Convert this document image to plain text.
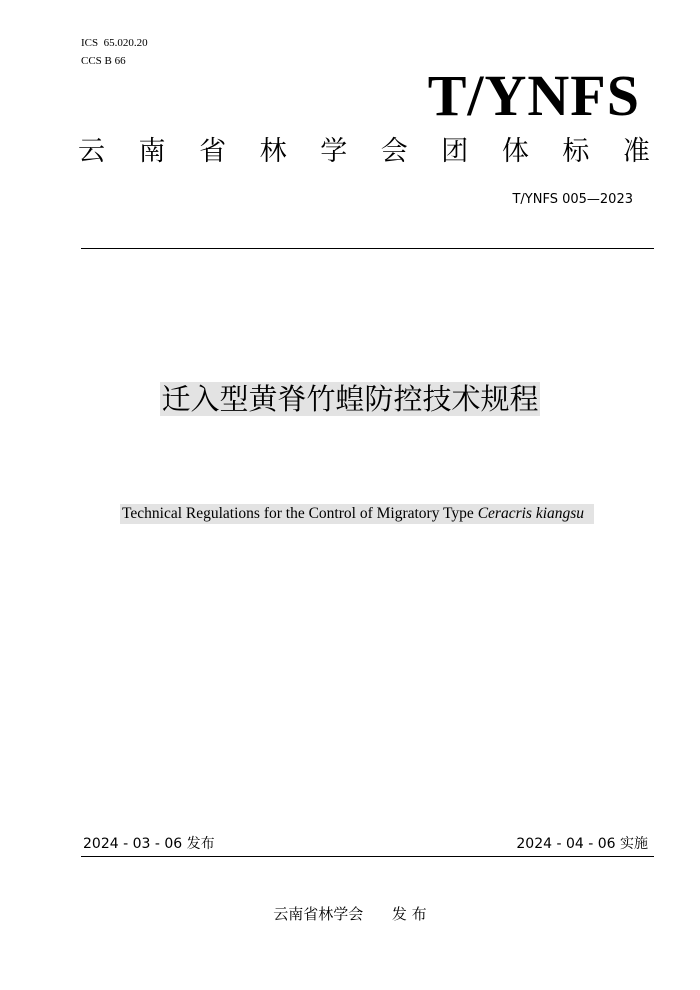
ICS  65.020.20
CCS B 66
T/YNFS
云 南 省 林 学 会 团 体 标 准
T/YNFS 005—2023
迁入型黄脊竹蝗防控技术规程
Technical Regulations for the Control of Migratory Type Ceracris kiangsu
2024 - 03 - 06 发布	2024 - 04 - 06 实施
云南省林学会      发 布
